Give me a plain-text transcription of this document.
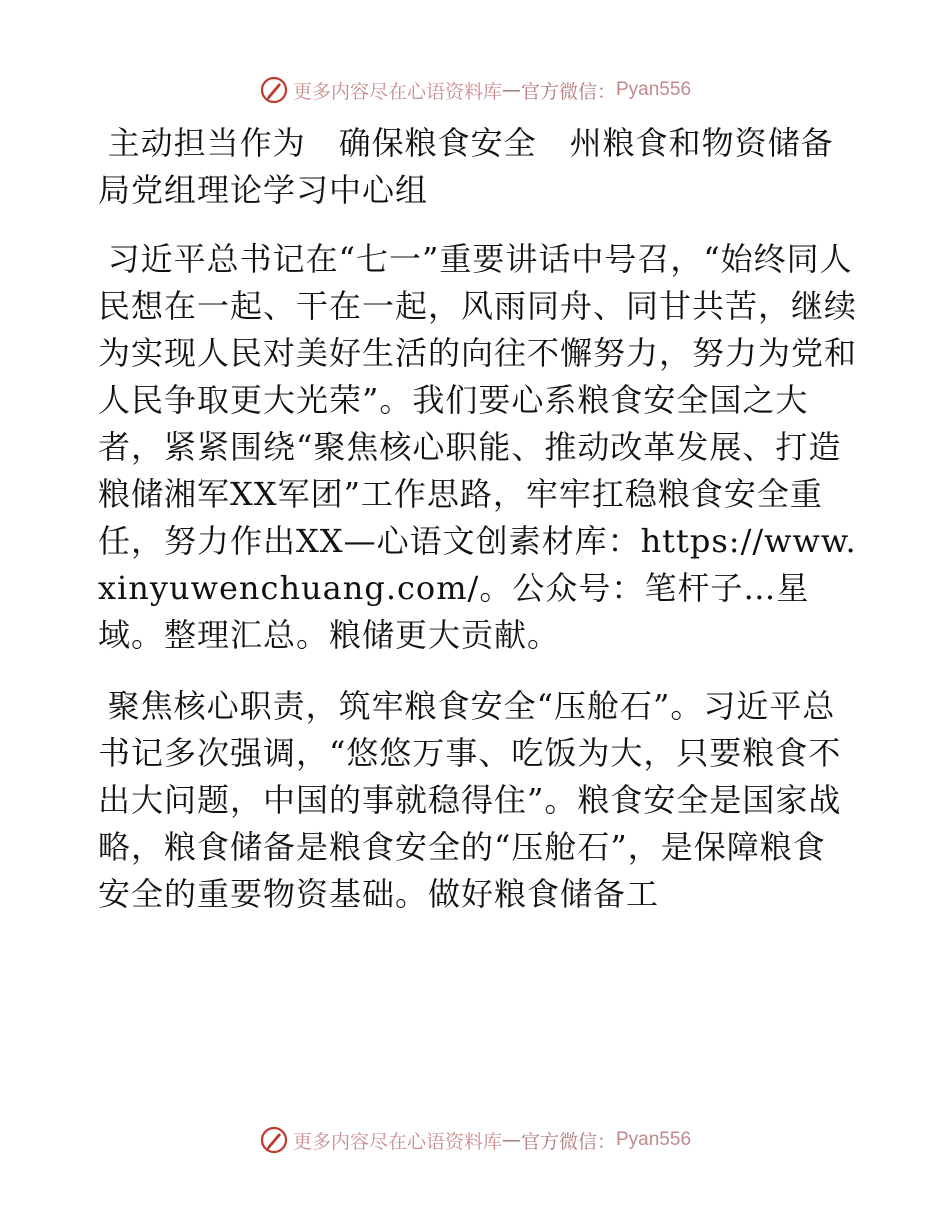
更多内容尽在心语资料库 — 官方微信： Pyan556

主动担当作为　确保粮食安全　州粮食和物资储备局党组理论学习中心组

习近平总书记在“七一”重要讲话中号召，“始终同人民想在一起、干在一起，风雨同舟、同甘共苦，继续为实现人民对美好生活的向往不懈努力，努力为党和人民争取更大光荣”。我们要心系粮食安全国之大者，紧紧围绕“聚焦核心职能、推动改革发展、打造粮储湘军XX军团”工作思路，牢牢扛稳粮食安全重任，努力作出XX—心语文创素材库：https://www.xinyuwenchuang.com/。公众号：笔杆子…星域。整理汇总。粮储更大贡献。

聚焦核心职责，筑牢粮食安全“压舱石”。习近平总书记多次强调，“悠悠万事、吃饭为大，只要粮食不出大问题，中国的事就稳得住”。粮食安全是国家战略，粮食储备是粮食安全的“压舱石”，是保障粮食安全的重要物资基础。做好粮食储备工

更多内容尽在心语资料库 — 官方微信： Pyan556
